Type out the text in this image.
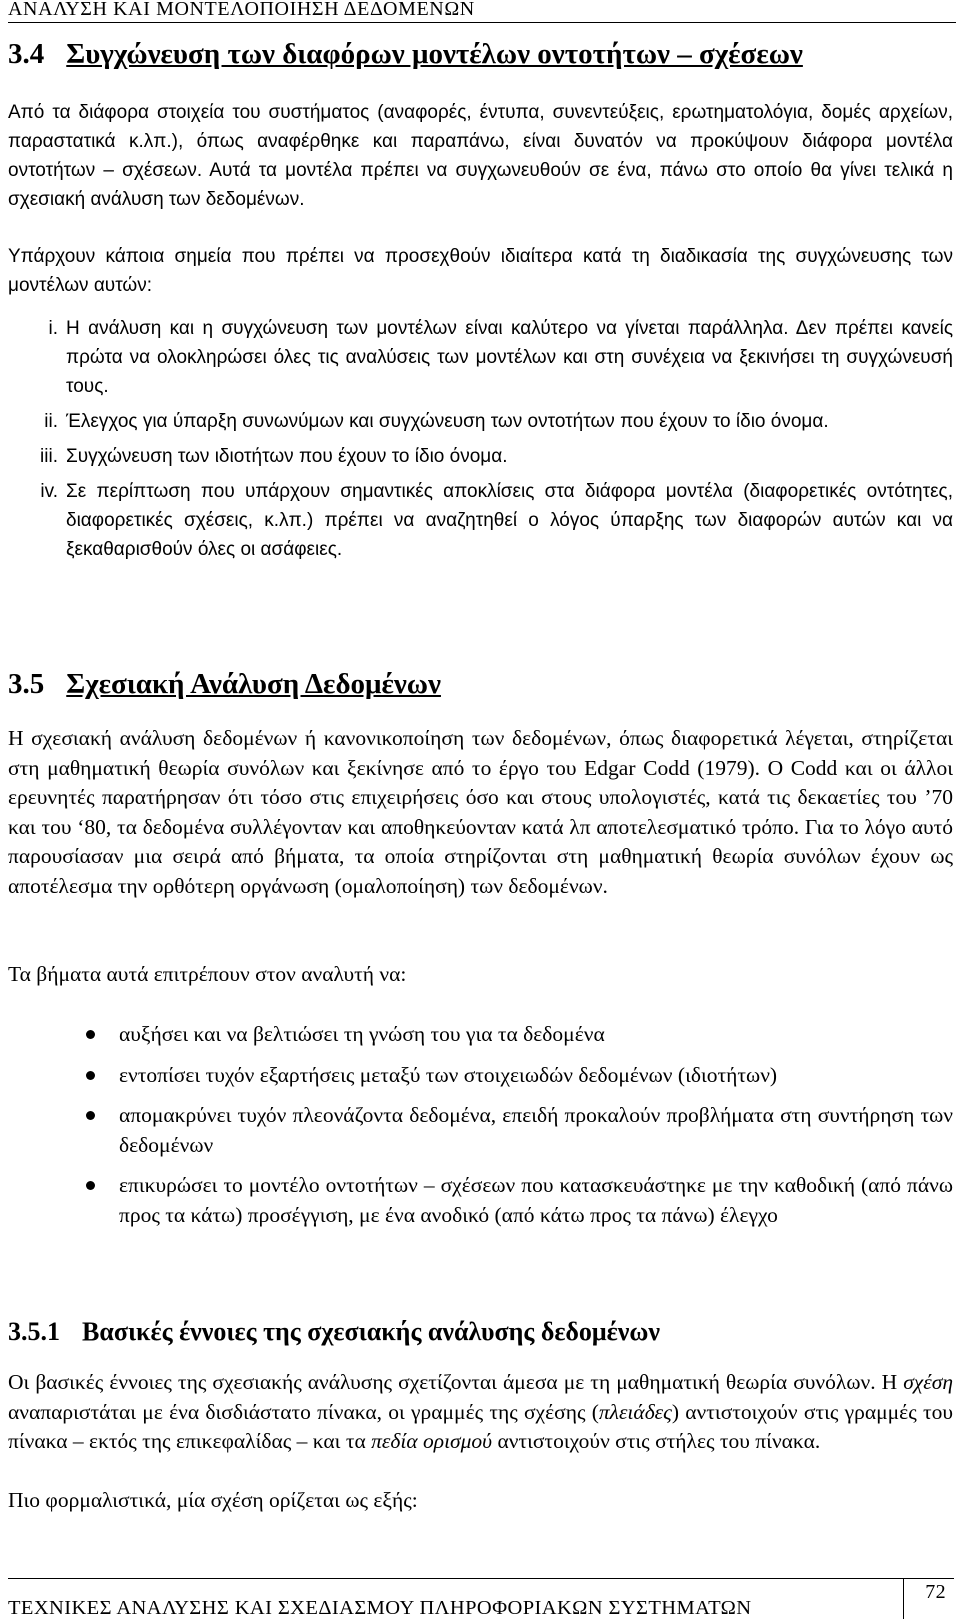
ΑΝΑΛΥΣΗ ΚΑΙ ΜΟΝΤΕΛΟΠΟΙΗΣΗ ΔΕΔΟΜΕΝΩΝ
3.4 Συγχώνευση των διαφόρων μοντέλων οντοτήτων – σχέσεων

Από τα διάφορα στοιχεία του συστήματος (αναφορές, έντυπα, συνεντεύξεις, ερωτηματολόγια, δομές αρχείων, παραστατικά κ.λπ.), όπως αναφέρθηκε και παραπάνω, είναι δυνατόν να προκύψουν διάφορα μοντέλα οντοτήτων – σχέσεων. Αυτά τα μοντέλα πρέπει να συγχωνευθούν σε ένα, πάνω στο οποίο θα γίνει τελικά η σχεσιακή ανάλυση των δεδομένων.

Υπάρχουν κάποια σημεία που πρέπει να προσεχθούν ιδιαίτερα κατά τη διαδικασία της συγχώνευσης των μοντέλων αυτών:

i. Η ανάλυση και η συγχώνευση των μοντέλων είναι καλύτερο να γίνεται παράλληλα. Δεν πρέπει κανείς πρώτα να ολοκληρώσει όλες τις αναλύσεις των μοντέλων και στη συνέχεια να ξεκινήσει τη συγχώνευσή τους.
ii. Έλεγχος για ύπαρξη συνωνύμων και συγχώνευση των οντοτήτων που έχουν το ίδιο όνομα.
iii. Συγχώνευση των ιδιοτήτων που έχουν το ίδιο όνομα.
iv. Σε περίπτωση που υπάρχουν σημαντικές αποκλίσεις στα διάφορα μοντέλα (διαφορετικές οντότητες, διαφορετικές σχέσεις, κ.λπ.) πρέπει να αναζητηθεί ο λόγος ύπαρξης των διαφορών αυτών και να ξεκαθαρισθούν όλες οι ασάφειες.
3.5 Σχεσιακή Ανάλυση Δεδομένων

Η σχεσιακή ανάλυση δεδομένων ή κανονικοποίηση των δεδομένων, όπως διαφορετικά λέγεται, στηρίζεται στη μαθηματική θεωρία συνόλων και ξεκίνησε από το έργο του Edgar Codd (1979). O Codd και οι άλλοι ερευνητές παρατήρησαν ότι τόσο στις επιχειρήσεις όσο και στους υπολογιστές, κατά τις δεκαετίες του ’70 και του ‘80, τα δεδομένα συλλέγονταν και αποθηκεύονταν κατά λπ αποτελεσματικό τρόπο. Για το λόγο αυτό παρουσίασαν μια σειρά από βήματα, τα οποία στηρίζονται στη μαθηματική θεωρία συνόλων έχουν ως αποτέλεσμα την ορθότερη οργάνωση (ομαλοποίηση) των δεδομένων.

Τα βήματα αυτά επιτρέπουν στον αναλυτή να:

αυξήσει και να βελτιώσει τη γνώση του για τα δεδομένα
εντοπίσει τυχόν εξαρτήσεις μεταξύ των στοιχειωδών δεδομένων (ιδιοτήτων)
απομακρύνει τυχόν πλεονάζοντα δεδομένα, επειδή προκαλούν προβλήματα στη συντήρηση των δεδομένων
επικυρώσει το μοντέλο οντοτήτων – σχέσεων που κατασκευάστηκε με την καθοδική (από πάνω προς τα κάτω) προσέγγιση, με ένα ανοδικό (από κάτω προς τα πάνω) έλεγχο
3.5.1 Βασικές έννοιες της σχεσιακής ανάλυσης δεδομένων

Οι βασικές έννοιες της σχεσιακής ανάλυσης σχετίζονται άμεσα με τη μαθηματική θεωρία συνόλων. Η σχέση αναπαριστάται με ένα δισδιάστατο πίνακα, οι γραμμές της σχέσης (πλειάδες) αντιστοιχούν στις γραμμές του πίνακα – εκτός της επικεφαλίδας – και τα πεδία ορισμού αντιστοιχούν στις στήλες του πίνακα.

Πιο φορμαλιστικά, μία σχέση ορίζεται ως εξής:

ΤΕΧΝΙΚΕΣ ΑΝΑΛΥΣΗΣ ΚΑΙ ΣΧΕΔΙΑΣΜΟΥ ΠΛΗΡΟΦΟΡΙΑΚΩΝ ΣΥΣΤΗΜΑΤΩΝ
72
